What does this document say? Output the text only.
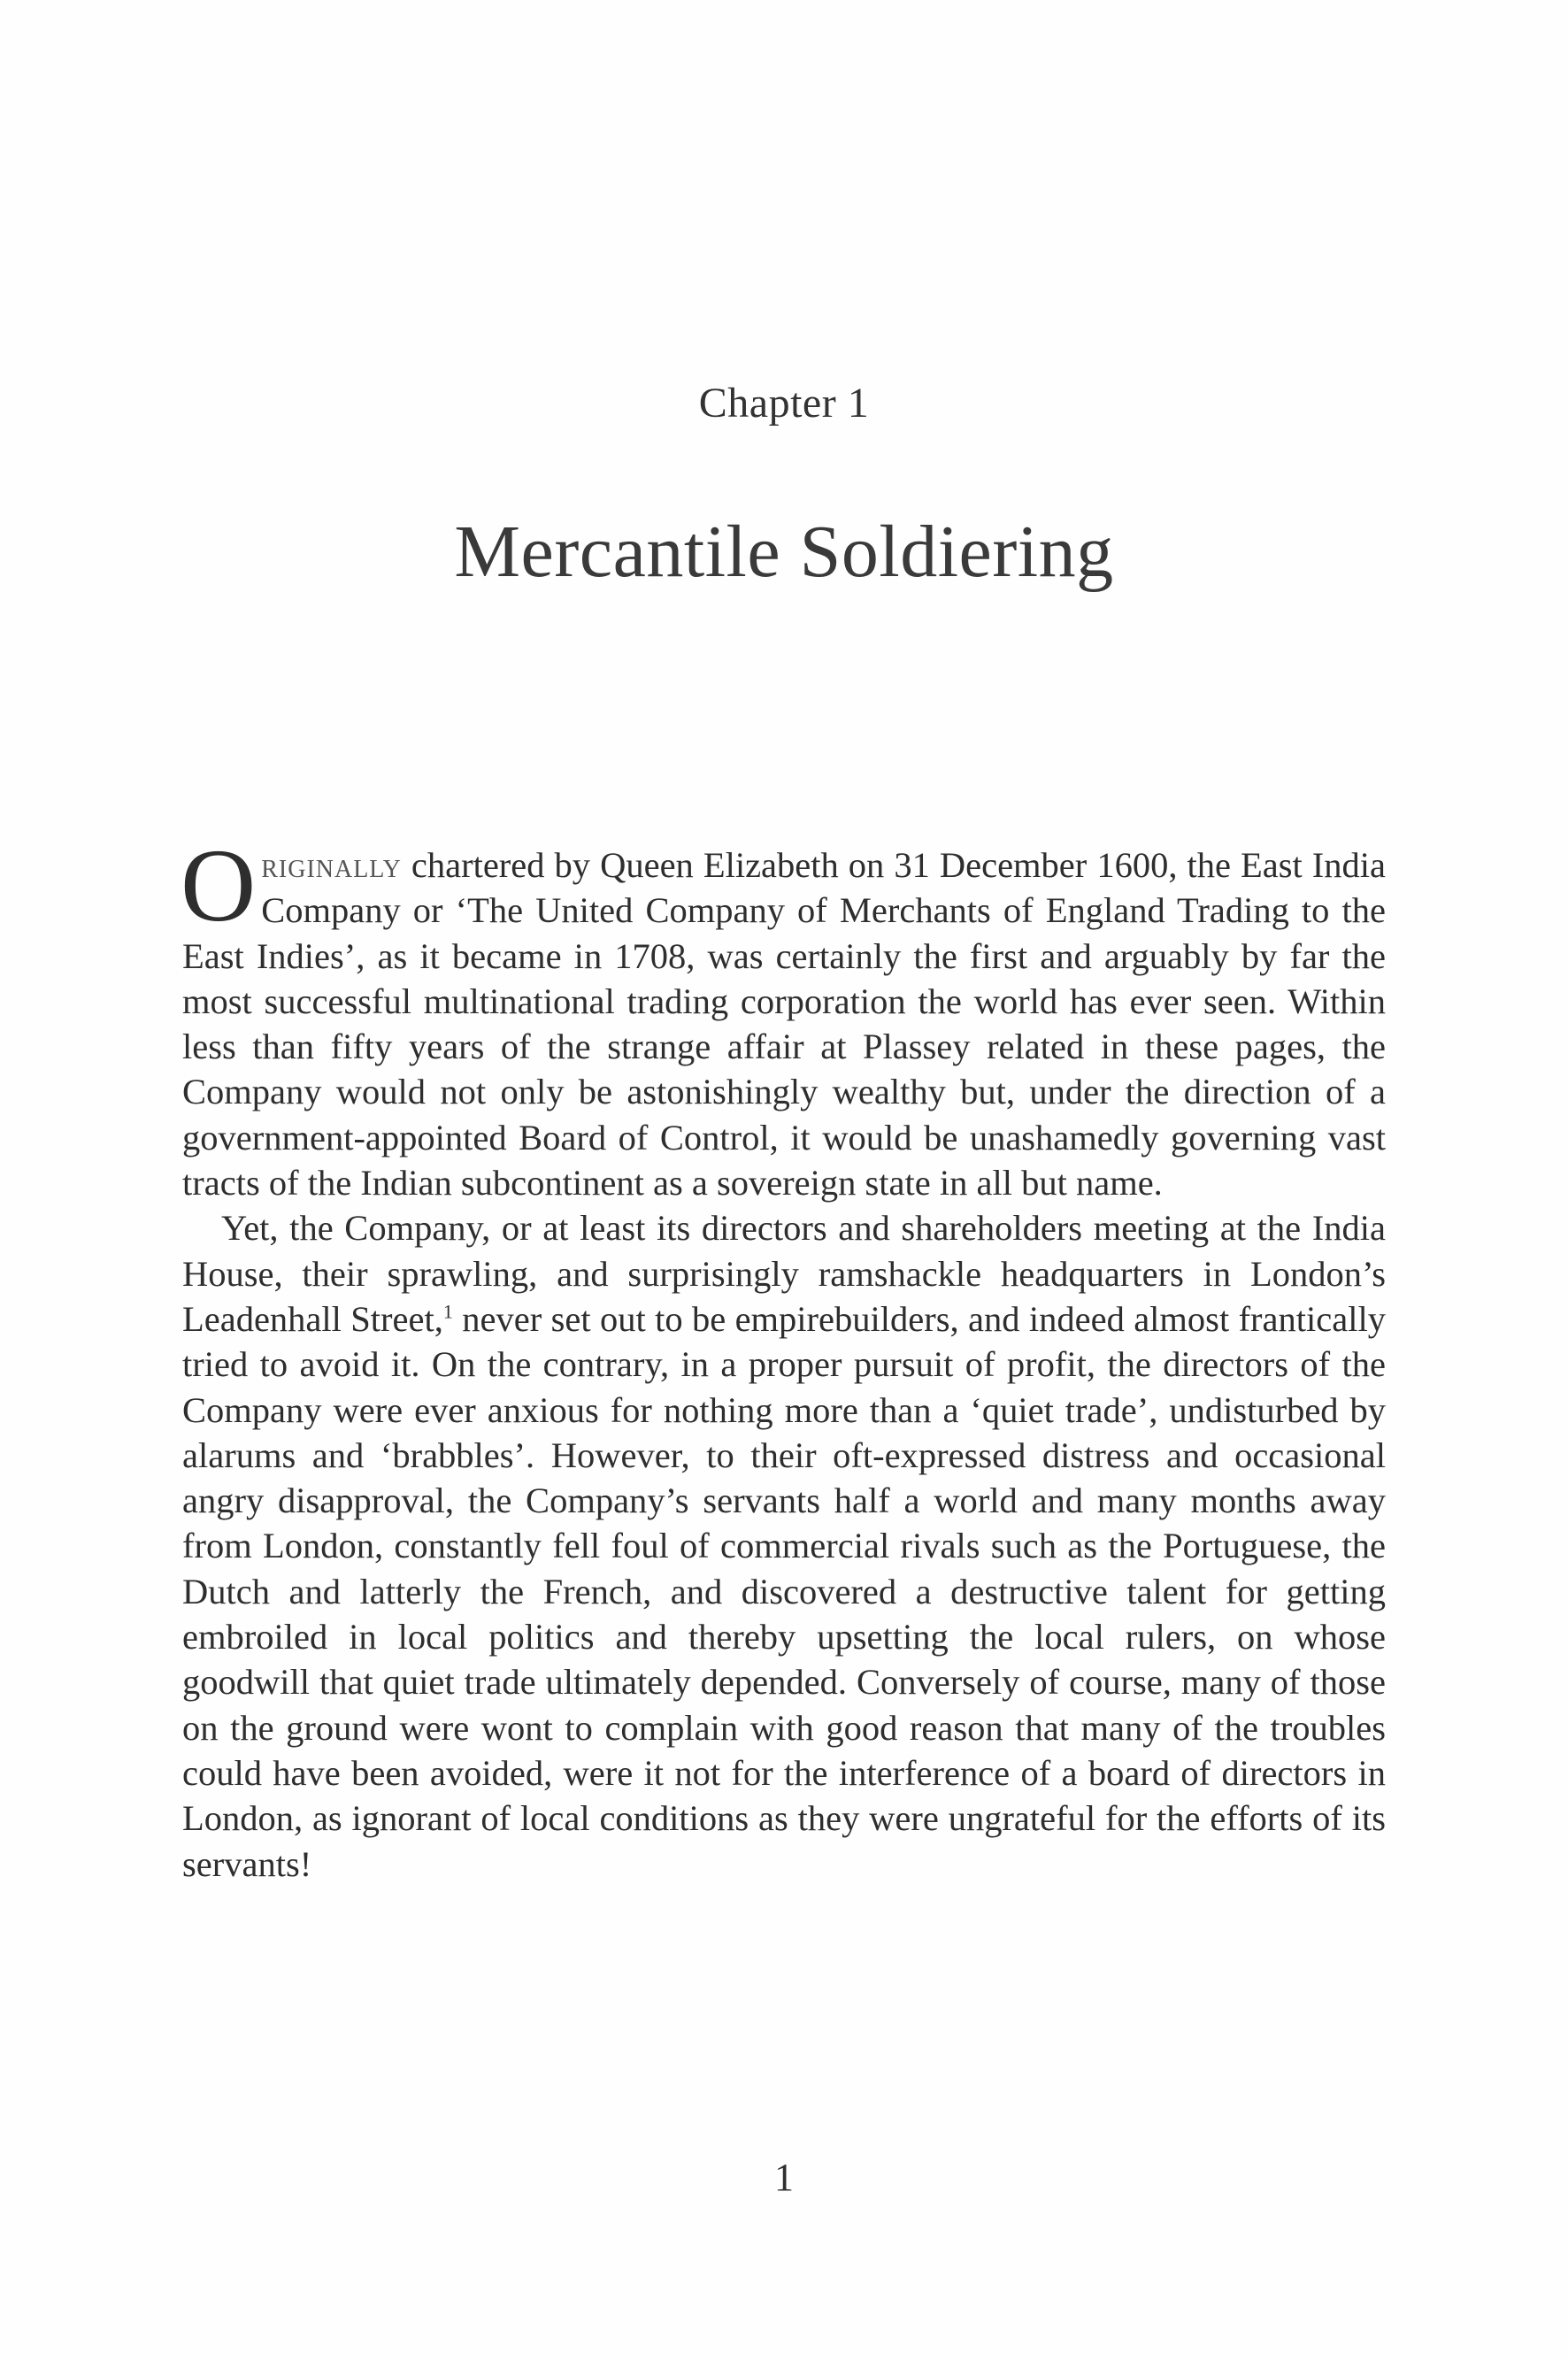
Chapter 1
Mercantile Soldiering

Originally chartered by Queen Elizabeth on 31 December 1600, the East India Company or ‘The United Company of Merchants of England Trading to the East Indies’, as it became in 1708, was certainly the first and arguably by far the most successful multinational trading corporation the world has ever seen. Within less than fifty years of the strange affair at Plassey related in these pages, the Company would not only be astonishingly wealthy but, under the direction of a government-appointed Board of Control, it would be unashamedly governing vast tracts of the Indian subcontinent as a sovereign state in all but name.

Yet, the Company, or at least its directors and shareholders meeting at the India House, their sprawling, and surprisingly ramshackle headquarters in London’s Leadenhall Street,$^1$ never set out to be empirebuilders, and indeed almost frantically tried to avoid it. On the contrary, in a proper pursuit of profit, the directors of the Company were ever anxious for nothing more than a ‘quiet trade’, undisturbed by alarums and ‘brabbles’. However, to their oft-expressed distress and occasional angry disapproval, the Company’s servants half a world and many months away from London, constantly fell foul of commercial rivals such as the Portuguese, the Dutch and latterly the French, and discovered a destructive talent for getting embroiled in local politics and thereby upsetting the local rulers, on whose goodwill that quiet trade ultimately depended. Conversely of course, many of those on the ground were wont to complain with good reason that many of the troubles could have been avoided, were it not for the interference of a board of directors in London, as ignorant of local conditions as they were ungrateful for the efforts of its servants!

1
